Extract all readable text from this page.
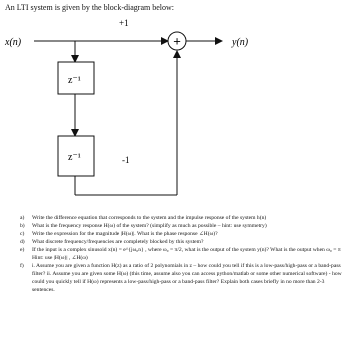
An LTI system is given by the block-diagram below:
+
+1
z⁻¹
z⁻¹	-1
x(n)	y(n)
a)	Write the difference equation that corresponds to the system and the impulse response of the system h(n)
b)	What is the frequency response H(ω) of the system? (simplify as much as possible – hint: use symmetry)
c)	Write the expression for the magnitude |H(ω)|. What is the phase response ∠H(ω)?
d)	What discrete frequency/frequencies are completely blocked by this system?
e)	If the input is a complex sinusoid x(n) = e^{jω₀n} , where ω₀ = π/2, what is the output of the system y(n)? What is the output when ω₀ = π Hint: use |H(ω)| , ∠H(ω)
f)	i. Assume you are given a function H(z) as a ratio of 2 polynomials in z – how could you tell if this is a low-pass/high-pass or a band-pass filter? ii. Assume you are given some H(ω) (this time, assume also you can access python/matlab or some other numerical software) - how could you quickly tell if H(ω) represents a low-pass/high-pass or a band-pass filter? Explain both cases briefly in no more than 2-3 sentences.
